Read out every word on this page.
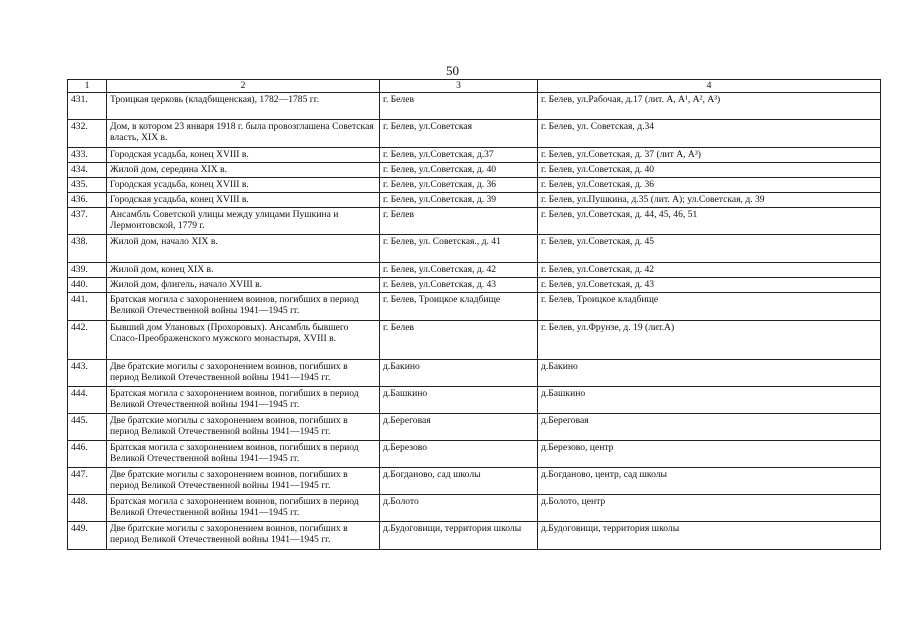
50
1	2	3	4
431.	Троицкая церковь (кладбищенская), 1782—1785 гг.	г. Белев	г. Белев, ул.Рабочая, д.17 (лит. А, А¹, А², А³)
432.	Дом, в котором 23 января 1918 г. была провозглашена Советская власть, XIX в.	г. Белев, ул.Советская	г. Белев, ул. Советская, д.34
433.	Городская усадьба, конец XVIII в.	г. Белев, ул.Советская, д.37	г. Белев, ул.Советская, д. 37 (лит А, А³)
434.	Жилой дом, середина XIX в.	г. Белев, ул.Советская, д. 40	г. Белев, ул.Советская, д. 40
435.	Городская усадьба, конец XVIII в.	г. Белев, ул.Советская, д. 36	г. Белев, ул.Советская, д. 36
436.	Городская усадьба, конец XVIII в.	г. Белев, ул.Советская, д. 39	г. Белев, ул.Пушкина, д.35 (лит. А); ул.Советская, д. 39
437.	Ансамбль Советской улицы между улицами Пушкина и Лермонтовской, 1779 г.	г. Белев	г. Белев, ул.Советская, д. 44, 45, 46, 51
438.	Жилой дом, начало XIX в.	г. Белев, ул. Советская., д. 41	г. Белев, ул.Советская, д. 45
439.	Жилой дом, конец XIX в.	г. Белев, ул.Советская, д. 42	г. Белев, ул.Советская, д. 42
440.	Жилой дом, флигель, начало XVIII в.	г. Белев, ул.Советская, д. 43	г. Белев, ул.Советская, д. 43
441.	Братская могила с захоронением воинов, погибших в период Великой Отечественной войны 1941—1945 гг.	г. Белев, Троицкое кладбище	г. Белев, Троицкое кладбище
442.	Бывший дом Улановых (Прохоровых). Ансамбль бывшего Спасо-Преображенского мужского монастыря, XVIII в.	г. Белев	г. Белев, ул.Фрунзе, д. 19 (лит.А)
443.	Две братские могилы с захоронением воинов, погибших в период Великой Отечественной войны 1941—1945 гг.	д.Бакино	д.Бакино
444.	Братская могила с захоронением воинов, погибших в период Великой Отечественной войны 1941—1945 гг.	д.Башкино	д.Башкино
445.	Две братские могилы с захоронением воинов, погибших в период Великой Отечественной войны 1941—1945 гг.	д.Береговая	д.Береговая
446.	Братская могила с захоронением воинов, погибших в период Великой Отечественной войны 1941—1945 гг.	д.Березово	д.Березово, центр
447.	Две братские могилы с захоронением воинов, погибших в период Великой Отечественной войны 1941—1945 гг.	д.Богданово, сад школы	д.Богданово, центр, сад школы
448.	Братская могила с захоронением воинов, погибших в период Великой Отечественной войны 1941—1945 гг.	д.Болото	д.Болото, центр
449.	Две братские могилы с захоронением воинов, погибших в период Великой Отечественной войны 1941—1945 гг.	д.Будоговищи, территория школы	д.Будоговищи, территория школы
